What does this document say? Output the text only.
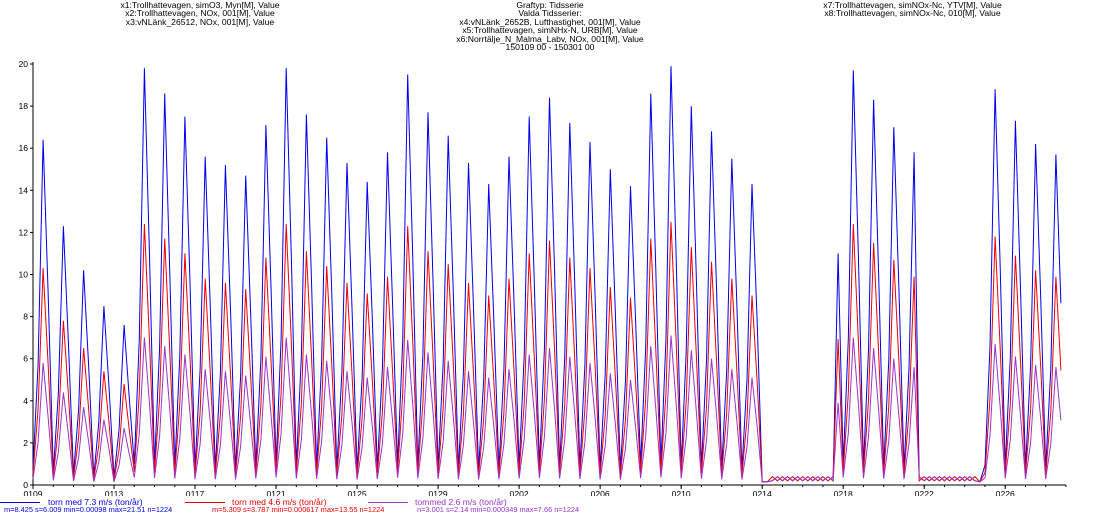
x1:Trollhattevagen, simO3, Myn[M], Value
x2:Trollhattevagen, NOx, 001[M], Value
x3:vNLänk_26512, NOx, 001[M], Value
Graftyp: Tidsserie
Valda Tidsserier:
x4:vNLänk_2652B, Lufthastighet, 001[M], Value
x5:Trollhattevagen, simNHx-N, URB[M], Value
x6:Norrtälje_N_Malma_Labv, NOx, 001[M], Value
150109 00 - 150301 00
x7:Trollhattevagen, simNOx-Nc, YTV[M], Value
x8:Trollhattevagen, simNOx-Nc, 010[M], Value
0
2
4
6
8
10
12
14
16
18
20
0109	0113	0117	0121	0125	0129	0202	0206	0210	0214	0218	0222	0226
torn med 7.3 m/s (ton/år)
m=8.425 s=6.009 min=0.00098 max=21.51 n=1224
torn med 4.6 m/s (ton/år)
m=5.309 s=3.787 min=0.000617 max=13.55 n=1224
tommed 2.6 m/s (ton/år)
n=3.001 s=2.14 min=0.000349 max=7.66 n=1224
